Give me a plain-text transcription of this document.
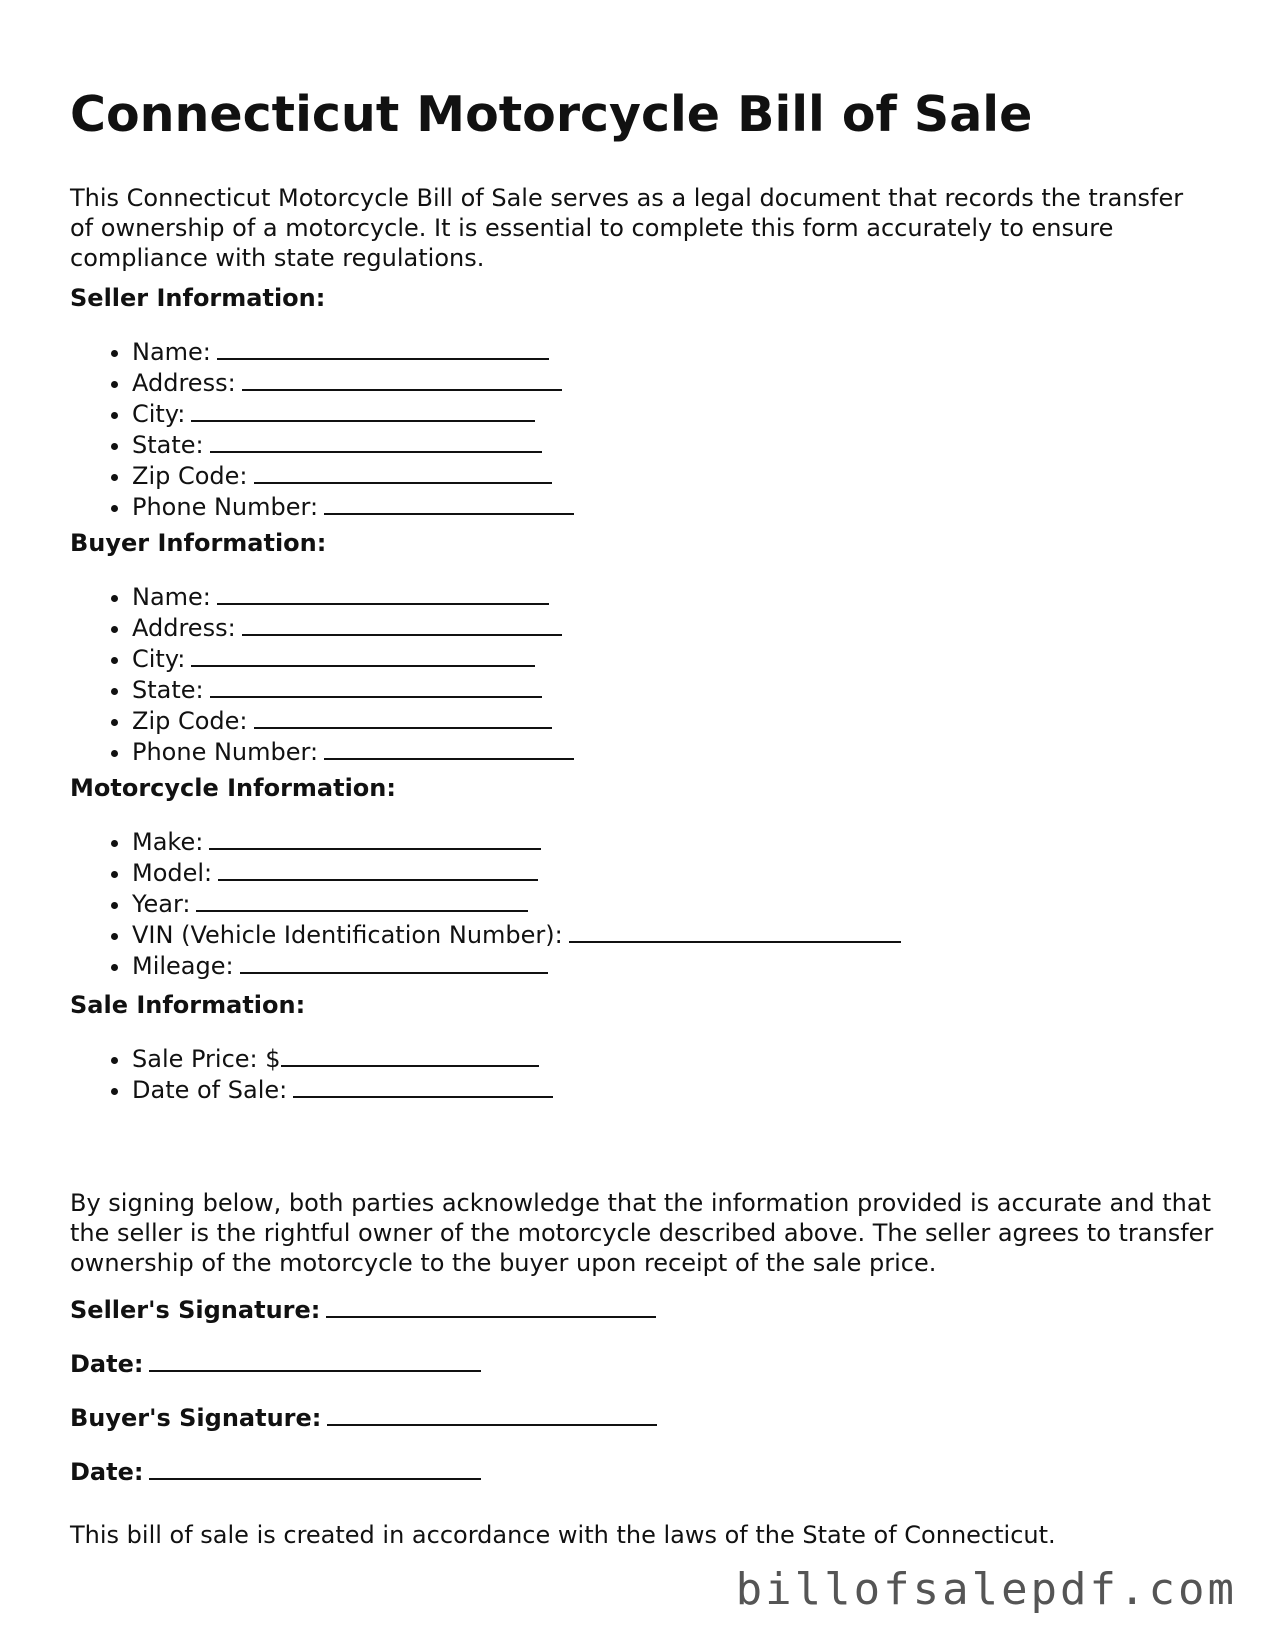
Connecticut Motorcycle Bill of Sale

This Connecticut Motorcycle Bill of Sale serves as a legal document that records the transfer of ownership of a motorcycle. It is essential to complete this form accurately to ensure compliance with state regulations.

Seller Information:
• Name:
• Address:
• City:
• State:
• Zip Code:
• Phone Number:
Buyer Information:
• Name:
• Address:
• City:
• State:
• Zip Code:
• Phone Number:
Motorcycle Information:
• Make:
• Model:
• Year:
• VIN (Vehicle Identification Number):
• Mileage:
Sale Information:
• Sale Price: $
• Date of Sale:

By signing below, both parties acknowledge that the information provided is accurate and that the seller is the rightful owner of the motorcycle described above. The seller agrees to transfer ownership of the motorcycle to the buyer upon receipt of the sale price.

Seller's Signature:
Date:
Buyer's Signature:
Date:

This bill of sale is created in accordance with the laws of the State of Connecticut.

billofsalepdf.com
